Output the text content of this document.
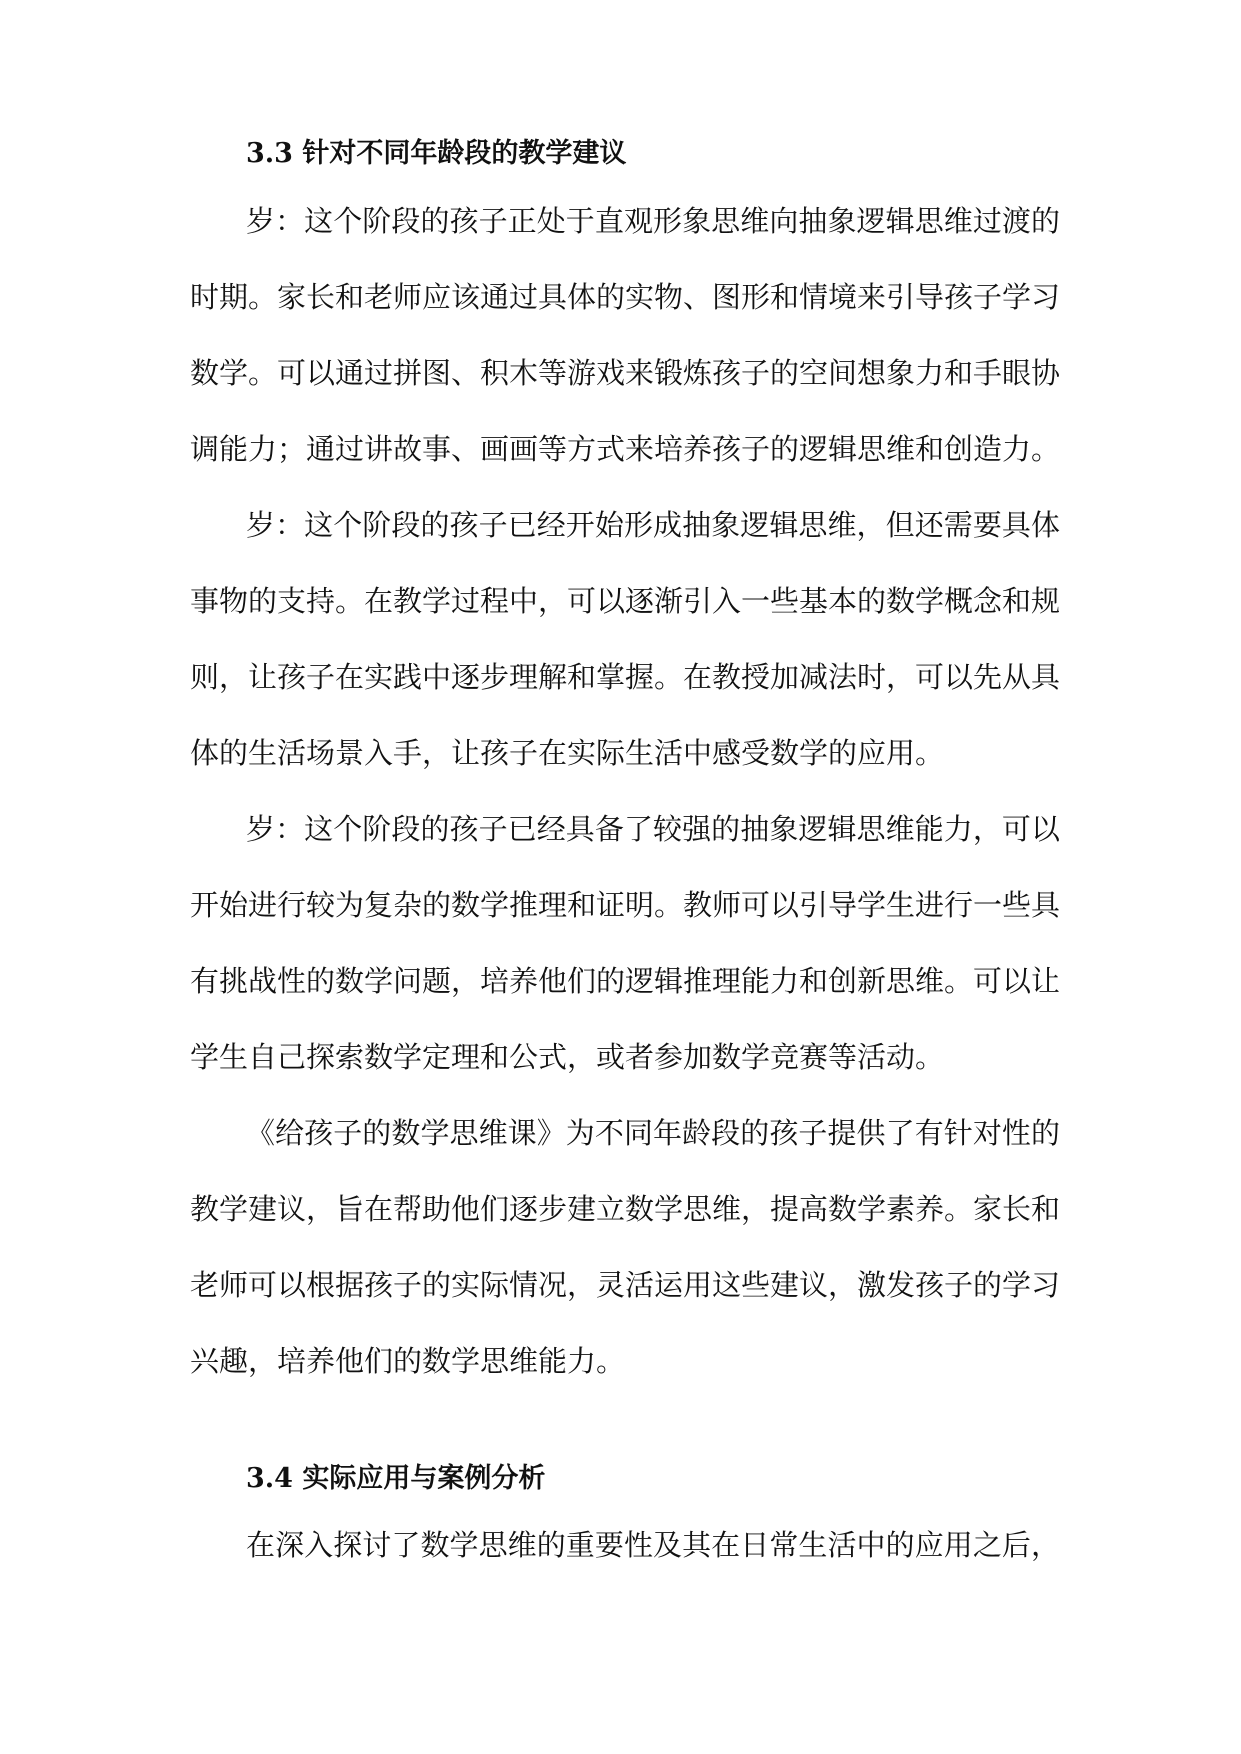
3.3 针对不同年龄段的教学建议
岁：这个阶段的孩子正处于直观形象思维向抽象逻辑思维过渡的
时期。家长和老师应该通过具体的实物、图形和情境来引导孩子学习
数学。可以通过拼图、积木等游戏来锻炼孩子的空间想象力和手眼协
调能力；通过讲故事、画画等方式来培养孩子的逻辑思维和创造力。
岁：这个阶段的孩子已经开始形成抽象逻辑思维，但还需要具体
事物的支持。在教学过程中，可以逐渐引入一些基本的数学概念和规
则，让孩子在实践中逐步理解和掌握。在教授加减法时，可以先从具
体的生活场景入手，让孩子在实际生活中感受数学的应用。
岁：这个阶段的孩子已经具备了较强的抽象逻辑思维能力，可以
开始进行较为复杂的数学推理和证明。教师可以引导学生进行一些具
有挑战性的数学问题，培养他们的逻辑推理能力和创新思维。可以让
学生自己探索数学定理和公式，或者参加数学竞赛等活动。
《给孩子的数学思维课》为不同年龄段的孩子提供了有针对性的
教学建议，旨在帮助他们逐步建立数学思维，提高数学素养。家长和
老师可以根据孩子的实际情况，灵活运用这些建议，激发孩子的学习
兴趣，培养他们的数学思维能力。
3.4 实际应用与案例分析
在深入探讨了数学思维的重要性及其在日常生活中的应用之后，
